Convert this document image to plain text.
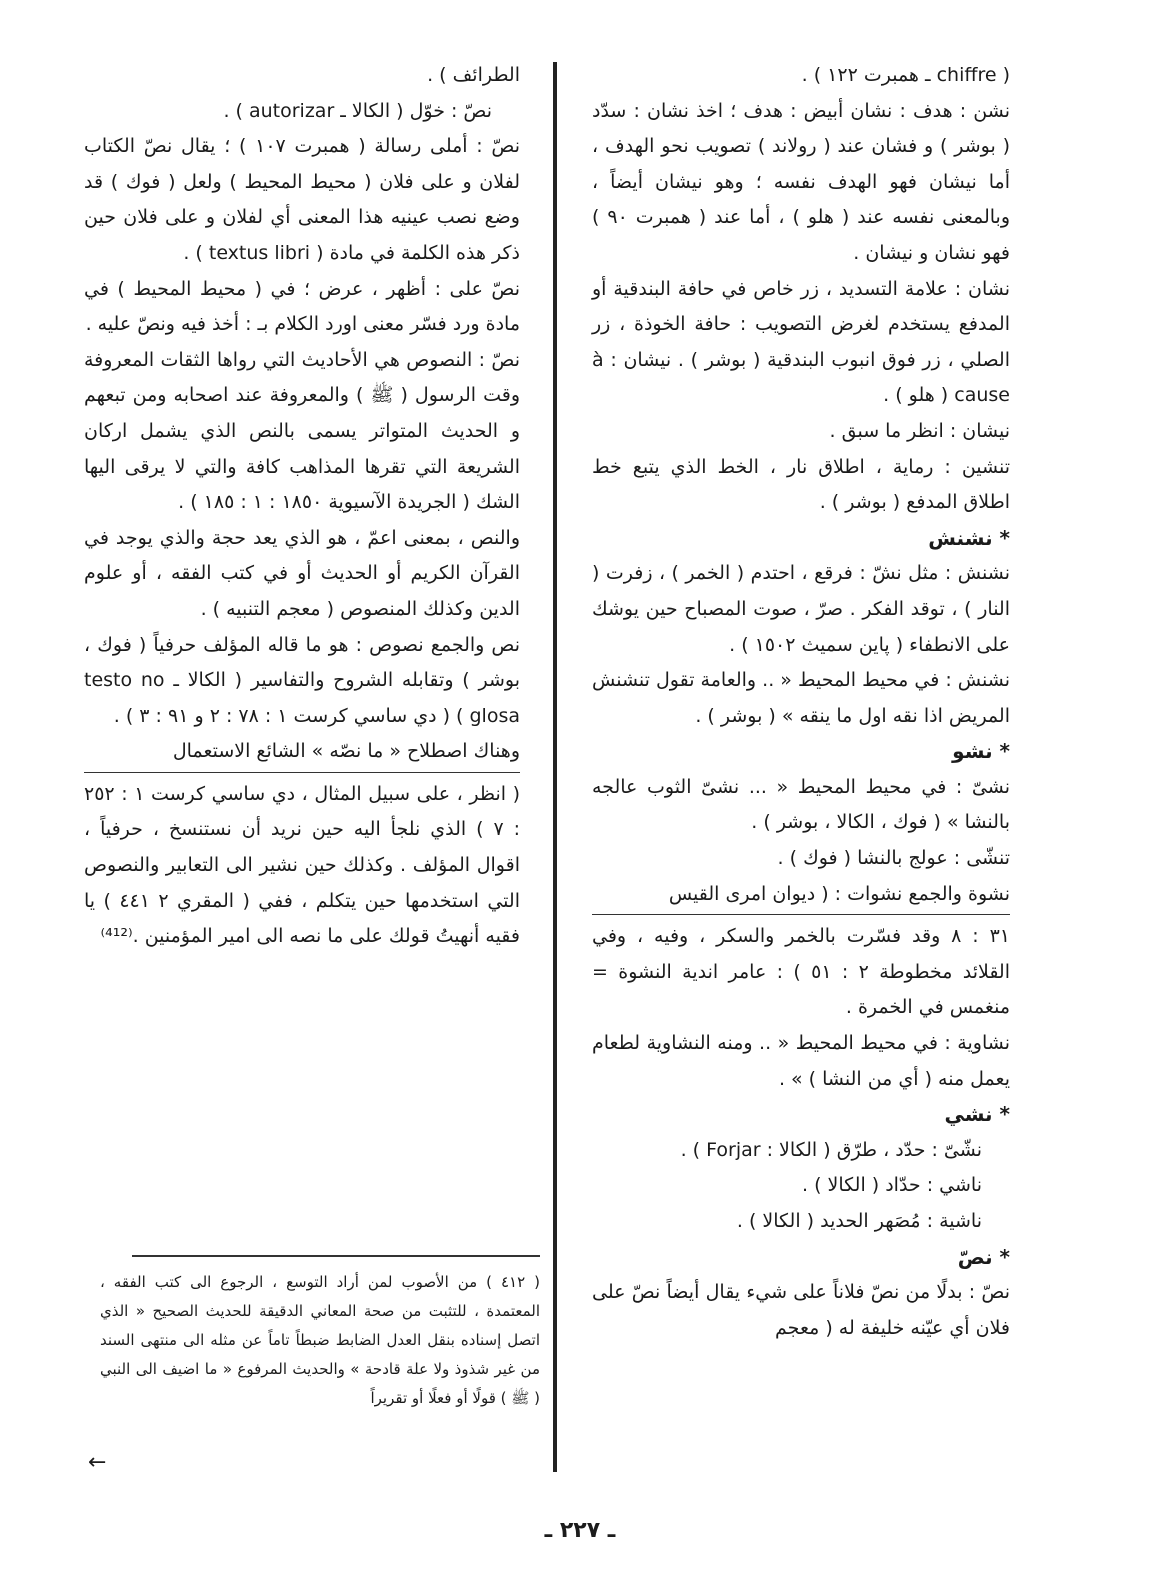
( chiffre ـ همبرت ١٢٢ ) .

نشن : هدف : نشان أبيض : هدف ؛ اخذ نشان : سدّد ( بوشر ) و فشان عند ( رولاند ) تصويب نحو الهدف ، أما نيشان فهو الهدف نفسه ؛ وهو نيشان أيضاً ، وبالمعنى نفسه عند ( هلو ) ، أما عند ( همبرت ٩٠ ) فهو نشان و نيشان .

نشان : علامة التسديد ، زر خاص في حافة البندقية أو المدفع يستخدم لغرض التصويب : حافة الخوذة ، زر الصلي ، زر فوق انبوب البندقية ( بوشر ) . نيشان : à cause ( هلو ) .

نيشان : انظر ما سبق .

تنشين : رماية ، اطلاق نار ، الخط الذي يتبع خط اطلاق المدفع ( بوشر ) .

* نشنش

نشنش : مثل نشّ : فرقع ، احتدم ( الخمر ) ، زفرت ( النار ) ، توقد الفكر . صرّ ، صوت المصباح حين يوشك على الانطفاء ( پاين سميث ١٥٠٢ ) .

نشنش : في محيط المحيط « .. والعامة تقول تنشنش المريض اذا نقه اول ما ينقه » ( بوشر ) .

* نشو

نشىّ : في محيط المحيط « ... نشىّ الثوب عالجه بالنشا » ( فوك ، الكالا ، بوشر ) .

تنشّى : عولج بالنشا ( فوك ) .

نشوة والجمع نشوات : ( ديوان امرى القيس

٣١ : ٨ وقد فسّرت بالخمر والسكر ، وفيه ، وفي القلائد مخطوطة ٢ : ٥١ ) : عامر اندية النشوة = منغمس في الخمرة .

نشاوية : في محيط المحيط « .. ومنه النشاوية لطعام يعمل منه ( أي من النشا ) » .

* نشي

نشّىّ : حدّد ، طرّق ( الكالا : Forjar ) .

ناشي : حدّاد ( الكالا ) .

ناشية : مُصَهر الحديد ( الكالا ) .

* نصّ

نصّ : بدلًا من نصّ فلاناً على شيء يقال أيضاً نصّ على فلان أي عيّنه خليفة له ( معجم

الطرائف ) .

نصّ : خوّل ( الكالا ـ autorizar ) .

نصّ : أملى رسالة ( همبرت ١٠٧ ) ؛ يقال نصّ الكتاب لفلان و على فلان ( محيط المحيط ) ولعل ( فوك ) قد وضع نصب عينيه هذا المعنى أي لفلان و على فلان حين ذكر هذه الكلمة في مادة ( textus libri ) .

نصّ على : أظهر ، عرض ؛ في ( محيط المحيط ) في مادة ورد فسّر معنى اورد الكلام بـ : أخذ فيه ونصّ عليه .

نصّ : النصوص هي الأحاديث التي رواها الثقات المعروفة وقت الرسول ( ﷺ ) والمعروفة عند اصحابه ومن تبعهم و الحديث المتواتر يسمى بالنص الذي يشمل اركان الشريعة التي تقرها المذاهب كافة والتي لا يرقى اليها الشك ( الجريدة الآسيوية ١٨٥٠ : ١ : ١٨٥ ) .

والنص ، بمعنى اعمّ ، هو الذي يعد حجة والذي يوجد في القرآن الكريم أو الحديث أو في كتب الفقه ، أو علوم الدين وكذلك المنصوص ( معجم التنبيه ) .

نص والجمع نصوص : هو ما قاله المؤلف حرفياً ( فوك ، بوشر ) وتقابله الشروح والتفاسير ( الكالا ـ testo no glosa ) ( دي ساسي كرست ١ : ٧٨ : ٢ و ٩١ : ٣ ) .

وهناك اصطلاح « ما نصّه » الشائع الاستعمال

( انظر ، على سبيل المثال ، دي ساسي كرست ١ : ٢٥٢ : ٧ ) الذي نلجأ اليه حين نريد أن نستنسخ ، حرفياً ، اقوال المؤلف . وكذلك حين نشير الى التعابير والنصوص التي استخدمها حين يتكلم ، ففي ( المقري ٢ ٤٤١ ) يا فقيه أنهيتُ قولك على ما نصه الى امير المؤمنين .⁽⁴¹²⁾

( ٤١٢ ) من الأصوب لمن أراد التوسع ، الرجوع الى كتب الفقه ، المعتمدة ، للتثبت من صحة المعاني الدقيقة للحديث الصحيح « الذي اتصل إسناده بنقل العدل الضابط ضبطاً تاماً عن مثله الى منتهى السند من غير شذوذ ولا علة قادحة » والحديث المرفوع « ما اضيف الى النبي ( ﷺ ) قولًا أو فعلًا أو تقريراً
←
ـ ٢٢٧ ـ
